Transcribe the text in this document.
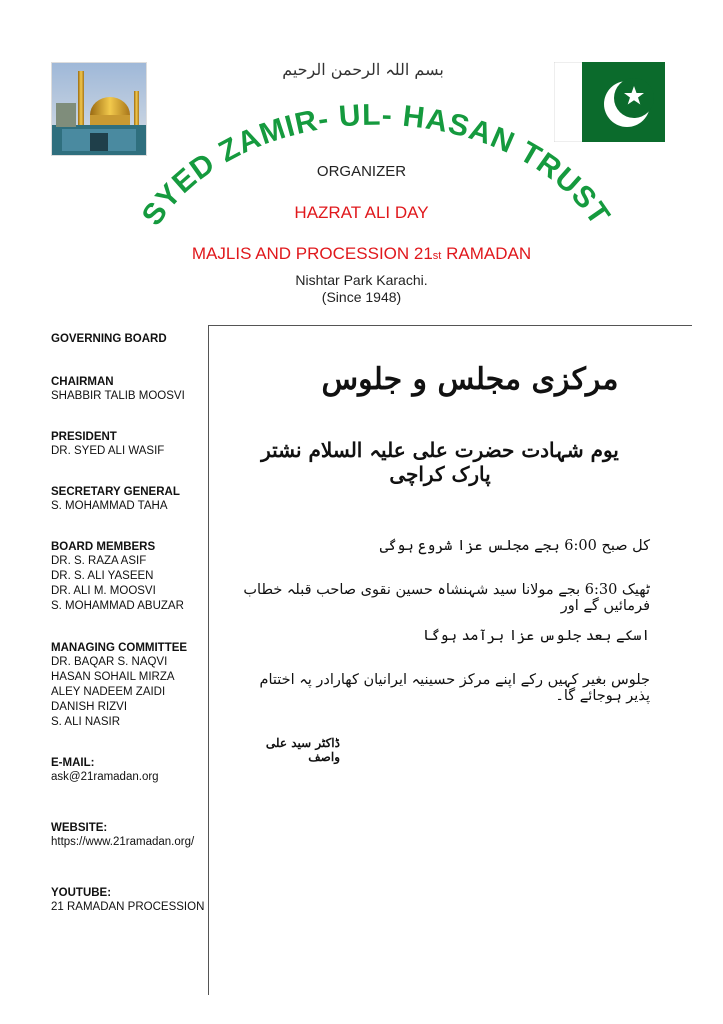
بسم اللہ الرحمن الرحیم
SYED ZAMIR- UL- HASAN TRUST
ORGANIZER
HAZRAT ALI DAY
MAJLIS AND PROCESSION 21st RAMADAN
Nishtar Park Karachi.
(Since 1948)
GOVERNING BOARD
CHAIRMAN
SHABBIR TALIB MOOSVI
PRESIDENT
DR. SYED ALI WASIF
SECRETARY GENERAL
S. MOHAMMAD TAHA
BOARD MEMBERS
DR. S. RAZA ASIF
DR. S. ALI YASEEN
DR. ALI M. MOOSVI
S. MOHAMMAD ABUZAR
MANAGING COMMITTEE
DR. BAQAR S. NAQVI
HASAN SOHAIL MIRZA
ALEY NADEEM ZAIDI
DANISH RIZVI
S. ALI NASIR
E-MAIL:
ask@21ramadan.org
WEBSITE:
https://www.21ramadan.org/
YOUTUBE:
21 RAMADAN PROCESSION
مرکزی مجلس و جلوس
یوم شہادت حضرت علی علیہ السلام نشتر پارک کراچی
کل صبح 6:00 بجے مجلس عزا شروع ہوگی
ٹھیک 6:30 بجے مولانا سید شہنشاہ حسین نقوی صاحب قبلہ خطاب فرمائیں گے اور
اسکے بعد جلوس عزا برآمد ہوگا
جلوس بغیر کہیں رکے اپنے مرکز حسینیہ ایرانیان کھارادر پہ اختتام پذیر ہوجائے گا۔
ڈاکٹر سید علی واصف
